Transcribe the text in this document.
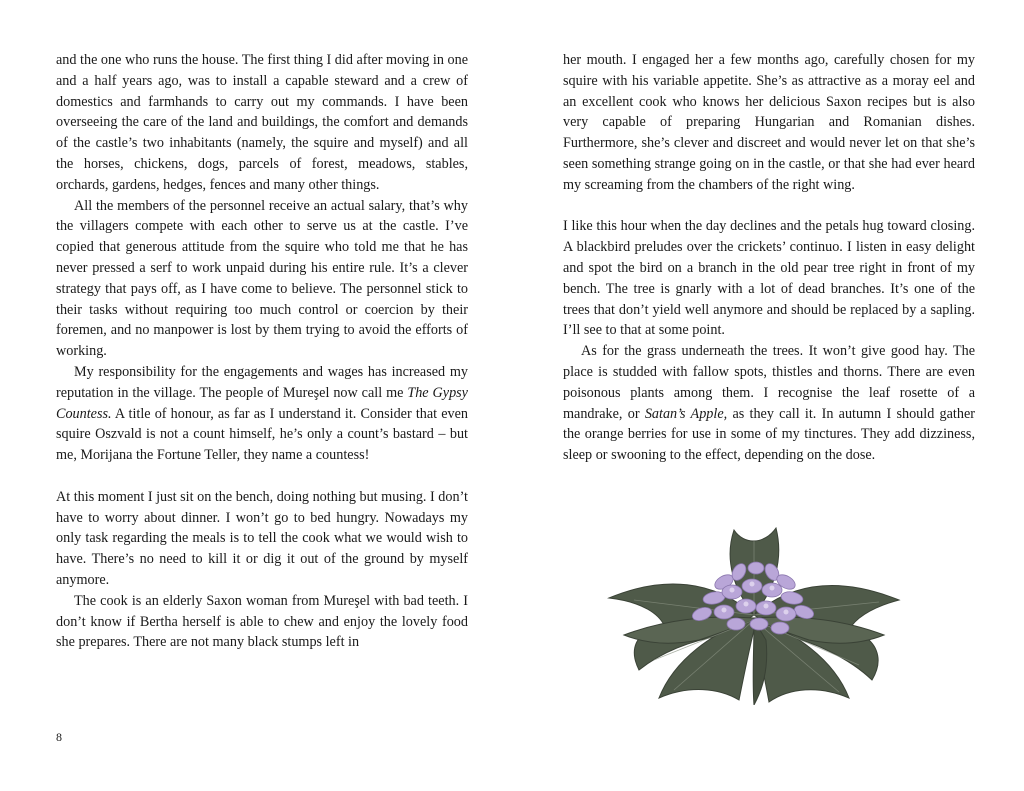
and the one who runs the house. The first thing I did after moving in one and a half years ago, was to install a capable steward and a crew of domestics and farmhands to carry out my commands. I have been overseeing the care of the land and buildings, the comfort and demands of the castle’s two inhabitants (namely, the squire and myself) and all the horses, chickens, dogs, parcels of forest, meadows, stables, orchards, gardens, hedges, fences and many other things.

All the members of the personnel receive an actual salary, that’s why the villagers compete with each other to serve us at the castle. I’ve copied that generous attitude from the squire who told me that he has never pressed a serf to work unpaid during his entire rule. It’s a clever strategy that pays off, as I have come to believe. The personnel stick to their tasks without requiring too much control or coercion by their foremen, and no manpower is lost by them trying to avoid the efforts of working.

My responsibility for the engagements and wages has increased my reputation in the village. The people of Mureşel now call me The Gypsy Countess. A title of honour, as far as I understand it. Consider that even squire Oszvald is not a count himself, he’s only a count’s bastard – but me, Morijana the Fortune Teller, they name a countess!

At this moment I just sit on the bench, doing nothing but musing. I don’t have to worry about dinner. I won’t go to bed hungry. Nowadays my only task regarding the meals is to tell the cook what we would wish to have. There’s no need to kill it or dig it out of the ground by myself anymore.

The cook is an elderly Saxon woman from Mureşel with bad teeth. I don’t know if Bertha herself is able to chew and enjoy the lovely food she prepares. There are not many black stumps left in

8

her mouth. I engaged her a few months ago, carefully chosen for my squire with his variable appetite. She’s as attractive as a moray eel and an excellent cook who knows her delicious Saxon recipes but is also very capable of preparing Hungarian and Romanian dishes. Furthermore, she’s clever and discreet and would never let on that she’s seen something strange going on in the castle, or that she had ever heard my screaming from the chambers of the right wing.

I like this hour when the day declines and the petals hug toward closing. A blackbird preludes over the crickets’ continuo. I listen in easy delight and spot the bird on a branch in the old pear tree right in front of my bench. The tree is gnarly with a lot of dead branches. It’s one of the trees that don’t yield well anymore and should be replaced by a sapling. I’ll see to that at some point.

As for the grass underneath the trees. It won’t give good hay. The place is studded with fallow spots, thistles and thorns. There are even poisonous plants among them. I recognise the leaf rosette of a mandrake, or Satan’s Apple, as they call it. In autumn I should gather the orange berries for use in some of my tinctures. They add dizziness, sleep or swooning to the effect, depending on the dose.
